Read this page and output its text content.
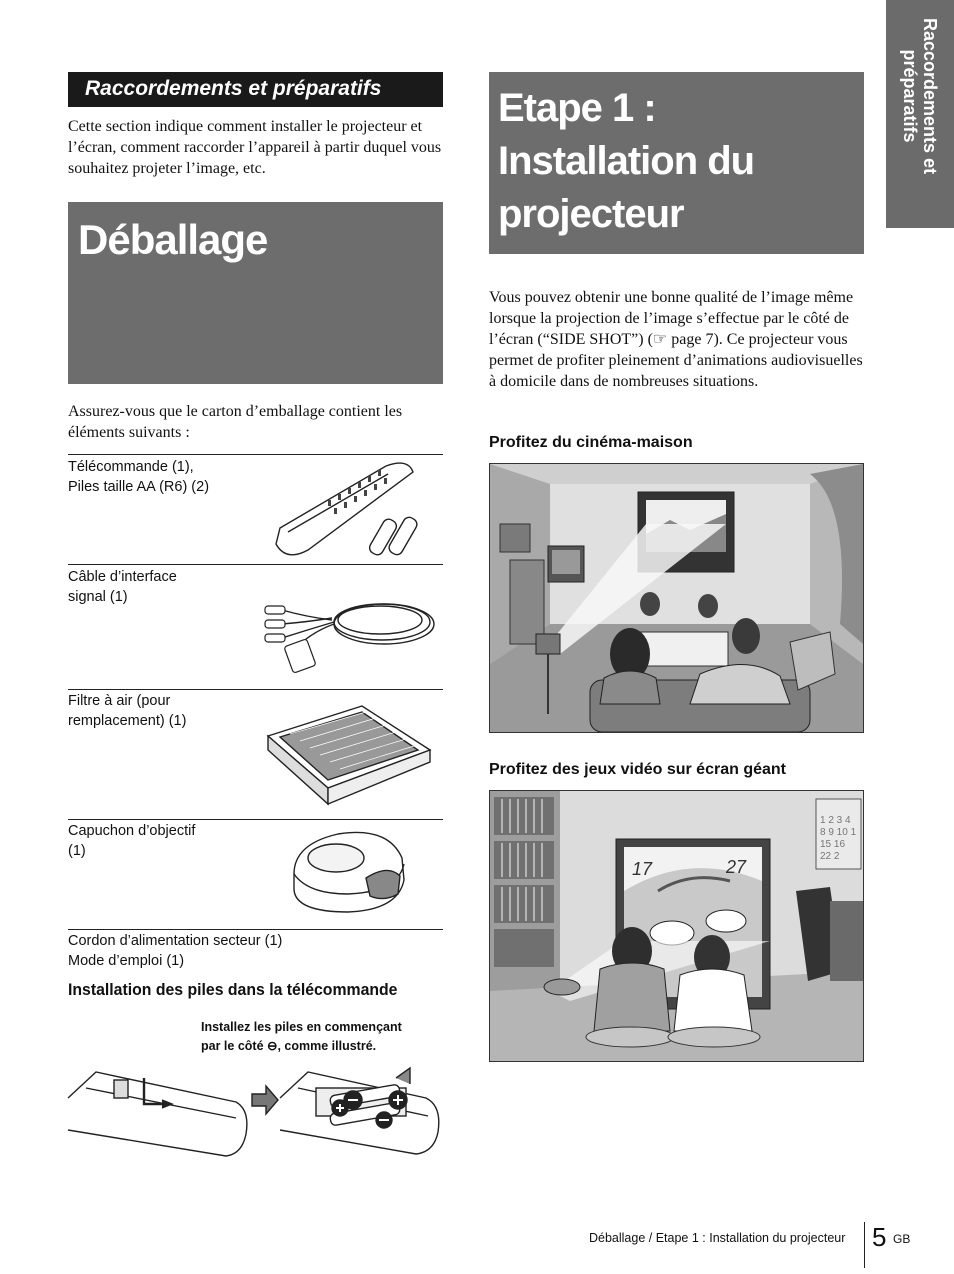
Raccordements et
préparatifs
Raccordements et préparatifs
Cette section indique comment installer le projecteur et l’écran, comment raccorder l’appareil à partir duquel vous souhaitez projeter l’image, etc.
Déballage
Assurez-vous que le carton d’emballage contient les éléments suivants :
Télécommande (1),
Piles taille AA (R6) (2)
Câble d’interface
signal (1)
Filtre à air (pour
remplacement) (1)
Capuchon d’objectif
(1)
Cordon d’alimentation secteur (1)
Mode d’emploi (1)
Installation des piles dans la télécommande
Installez les piles en commençant
par le côté ⊖, comme illustré.
Etape 1 :
Installation du
projecteur
Vous pouvez obtenir une bonne qualité de l’image même lorsque la projection de l’image s’effectue par le côté de l’écran (“SIDE SHOT”) (☞ page 7). Ce projecteur vous permet de profiter pleinement d’animations audiovisuelles à domicile dans de nombreuses situations.
Profitez du cinéma-maison
Profitez des jeux vidéo sur écran géant
17	27
1 2 3 4
8 9 10 1
15 16
22 2
Déballage / Etape 1 : Installation du projecteur 5 GB
